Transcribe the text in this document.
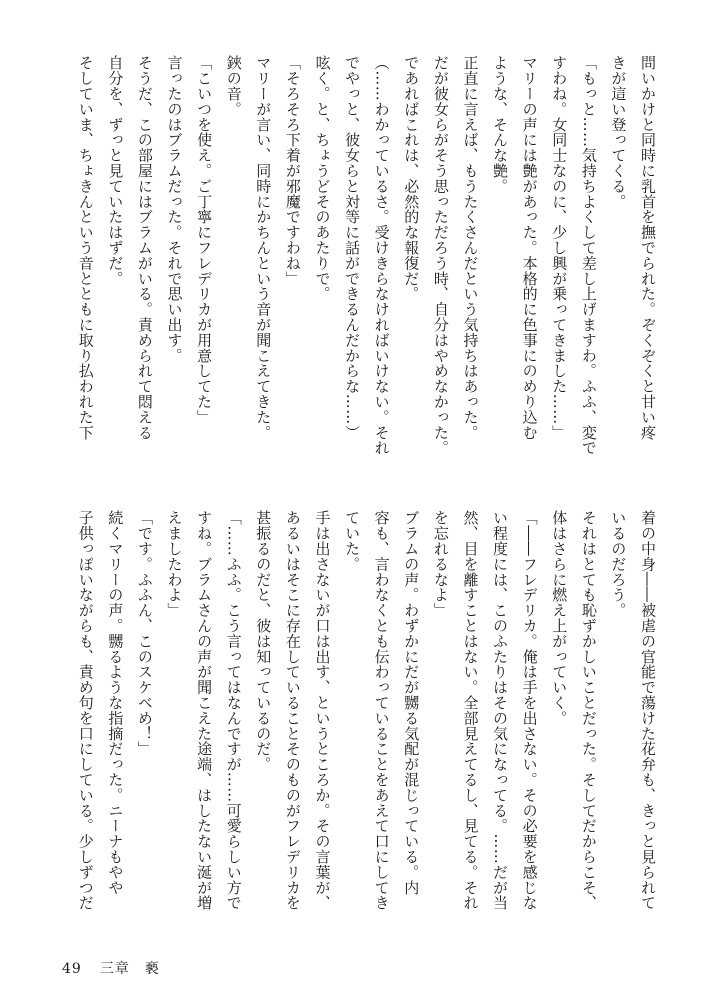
問いかけと同時に乳首を撫でられた。ぞくぞくと甘い疼
きが這い登ってくる。
「もっと……気持ちよくして差し上げますわ。ふふ、変で
すわね。女同士なのに、少し興が乗ってきました……」
マリーの声には艶があった。本格的に色事にのめり込む
ような、そんな艶。
正直に言えば、もうたくさんだという気持ちはあった。
だが彼女らがそう思っただろう時、自分はやめなかった。
であればこれは、必然的な報復だ。
（……わかっているさ。受けきらなければいけない。それ
でやっと、彼女らと対等に話ができるんだからな……）
呟く。と、ちょうどそのあたりで。
「そろそろ下着が邪魔ですわね」
マリーが言い、同時にかちんという音が聞こえてきた。
鋏の音。
「こいつを使え。ご丁寧にフレデリカが用意してた」
言ったのはブラムだった。それで思い出す。
そうだ、この部屋にはブラムがいる。責められて悶える
自分を、ずっと見ていたはずだ。
そしていま、ちょきんという音とともに取り払われた下
着の中身――被虐の官能で蕩けた花弁も、きっと見られて
いるのだろう。
それはとても恥ずかしいことだった。そしてだからこそ、
体はさらに燃え上がっていく。
「――フレデリカ。俺は手を出さない。その必要を感じな
い程度には、このふたりはその気になってる。……だが当
然、目を離すことはない。全部見えてるし、見てる。それ
を忘れるなよ」
ブラムの声。わずかにだが嬲る気配が混じっている。内
容も、言わなくとも伝わっていることをあえて口にしてき
ていた。
手は出さないが口は出す、というところか。その言葉が、
あるいはそこに存在していることそのものがフレデリカを
甚振るのだと、彼は知っているのだ。
「……ふふ。こう言ってはなんですが……可愛らしい方で
すね。ブラムさんの声が聞こえた途端、はしたない涎が増
えましたわよ」
「です。ふふん、このスケベめ！」
続くマリーの声。嬲るような指摘だった。ニーナもやや
子供っぽいながらも、責め句を口にしている。少しずつだ
49 三章　褻
